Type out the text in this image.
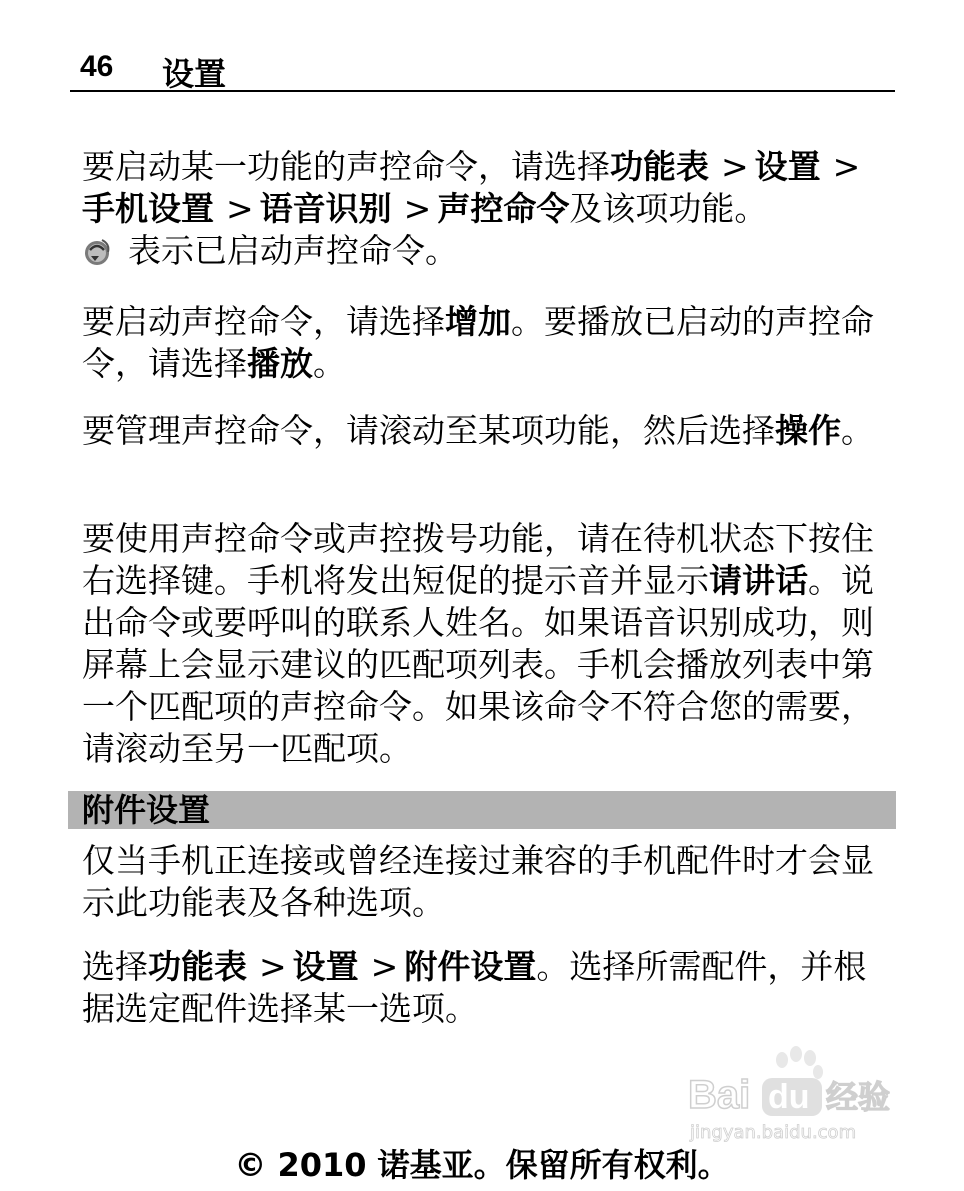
46 设置

要启动某一功能的声控命令，请选择功能表 > 设置 >手机设置 > 语音识别 > 声控命令及该项功能。
表示已启动声控命令。

要启动声控命令，请选择增加。要播放已启动的声控命令，请选择播放。

要管理声控命令，请滚动至某项功能，然后选择操作。

要使用声控命令或声控拨号功能，请在待机状态下按住右选择键。手机将发出短促的提示音并显示请讲话。说出命令或要呼叫的联系人姓名。如果语音识别成功，则屏幕上会显示建议的匹配项列表。手机会播放列表中第一个匹配项的声控命令。如果该命令不符合您的需要，请滚动至另一匹配项。

附件设置

仅当手机正连接或曾经连接过兼容的手机配件时才会显示此功能表及各种选项。

选择功能表 > 设置 > 附件设置。选择所需配件，并根据选定配件选择某一选项。

Bai du 经验
jingyan.baidu.com
© 2010 诺基亚。保留所有权利。
